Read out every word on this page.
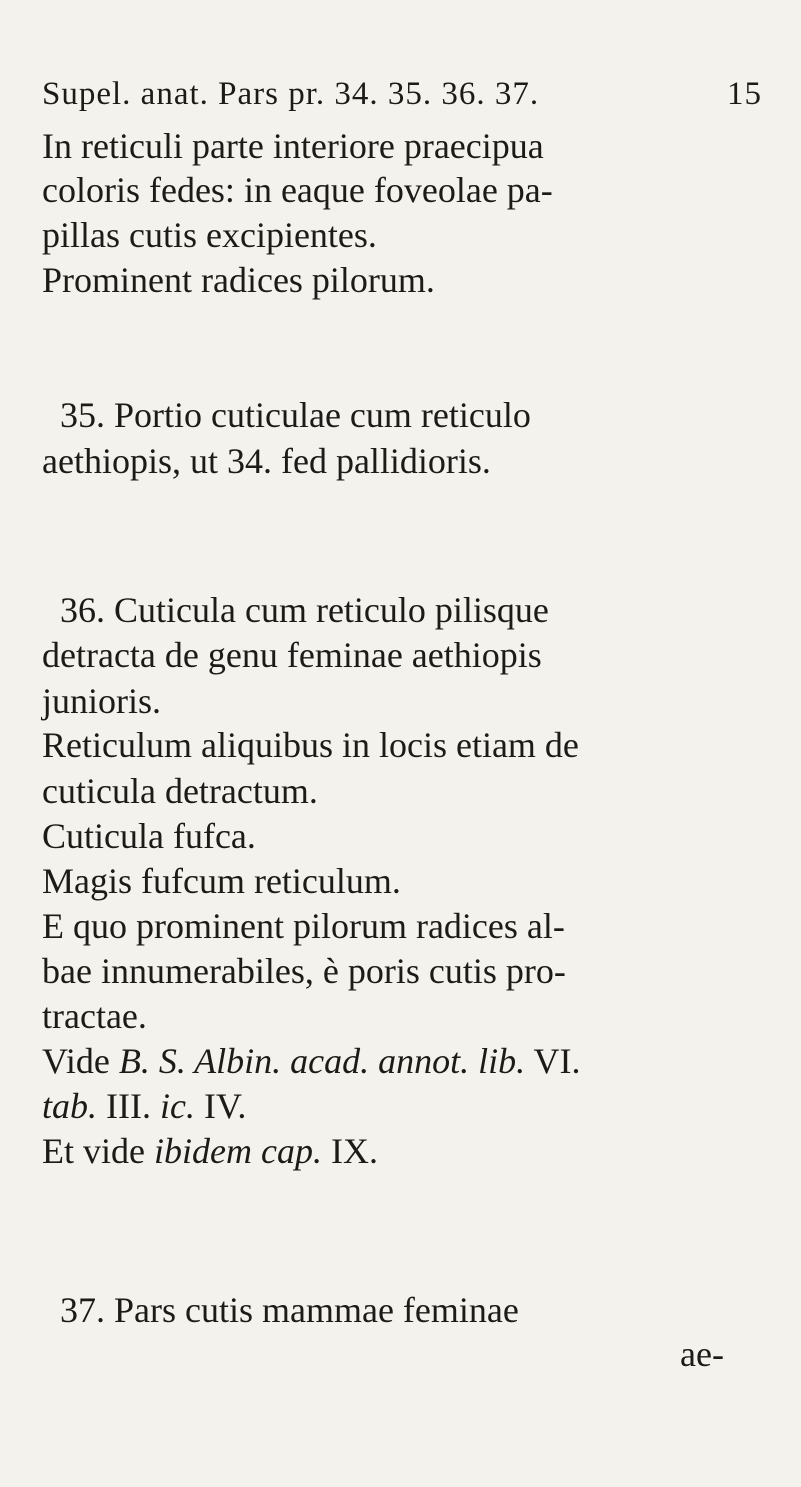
Supel. anat. Pars pr. 34. 35. 36. 37.	15
In reticuli parte interiore praecipua
coloris fedes: in eaque foveolae pa-
pillas cutis excipientes.
Prominent radices pilorum.
35. Portio cuticulae cum reticulo
aethiopis, ut 34. fed pallidioris.
36. Cuticula cum reticulo pilisque
detracta de genu feminae aethiopis
junioris.
Reticulum aliquibus in locis etiam de
cuticula detractum.
Cuticula fufca.
Magis fufcum reticulum.
E quo prominent pilorum radices al-
bae innumerabiles, è poris cutis pro-
tractae.
Vide B. S. Albin. acad. annot. lib. VI.
tab. III. ic. IV.
Et vide ibidem cap. IX.
37. Pars cutis mammae feminae
ae-
